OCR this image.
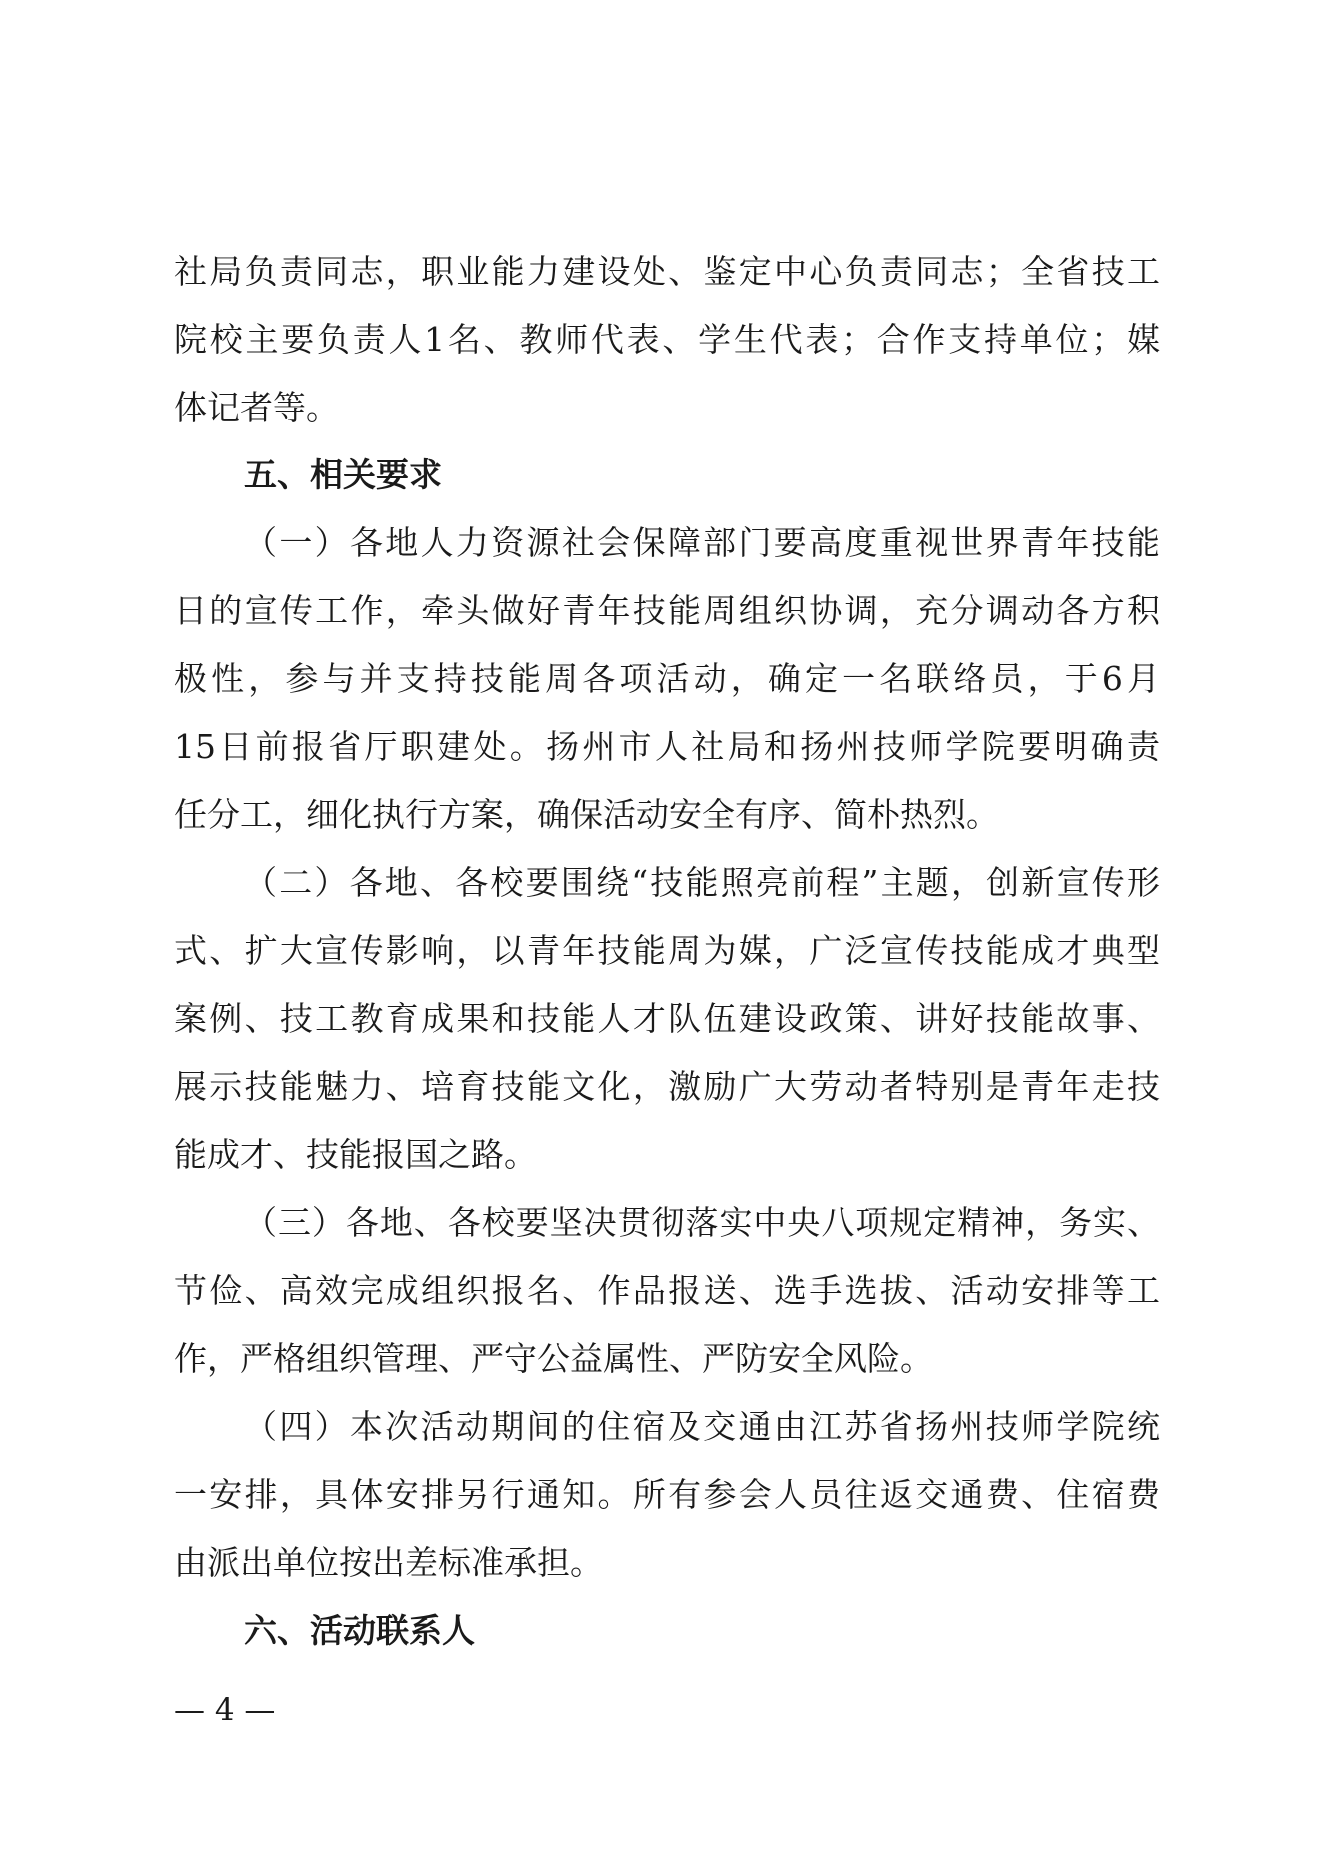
社局负责同志，职业能力建设处、鉴定中心负责同志；全省技工
院校主要负责人1名、教师代表、学生代表；合作支持单位；媒
体记者等。
五、相关要求
（一）各地人力资源社会保障部门要高度重视世界青年技能
日的宣传工作，牵头做好青年技能周组织协调，充分调动各方积
极性，参与并支持技能周各项活动，确定一名联络员，于6月
15日前报省厅职建处。扬州市人社局和扬州技师学院要明确责
任分工，细化执行方案，确保活动安全有序、简朴热烈。
（二）各地、各校要围绕“技能照亮前程”主题，创新宣传形
式、扩大宣传影响，以青年技能周为媒，广泛宣传技能成才典型
案例、技工教育成果和技能人才队伍建设政策、讲好技能故事、
展示技能魅力、培育技能文化，激励广大劳动者特别是青年走技
能成才、技能报国之路。
（三）各地、各校要坚决贯彻落实中央八项规定精神，务实、
节俭、高效完成组织报名、作品报送、选手选拔、活动安排等工
作，严格组织管理、严守公益属性、严防安全风险。
（四）本次活动期间的住宿及交通由江苏省扬州技师学院统
一安排，具体安排另行通知。所有参会人员往返交通费、住宿费
由派出单位按出差标准承担。
六、活动联系人
— 4 —
